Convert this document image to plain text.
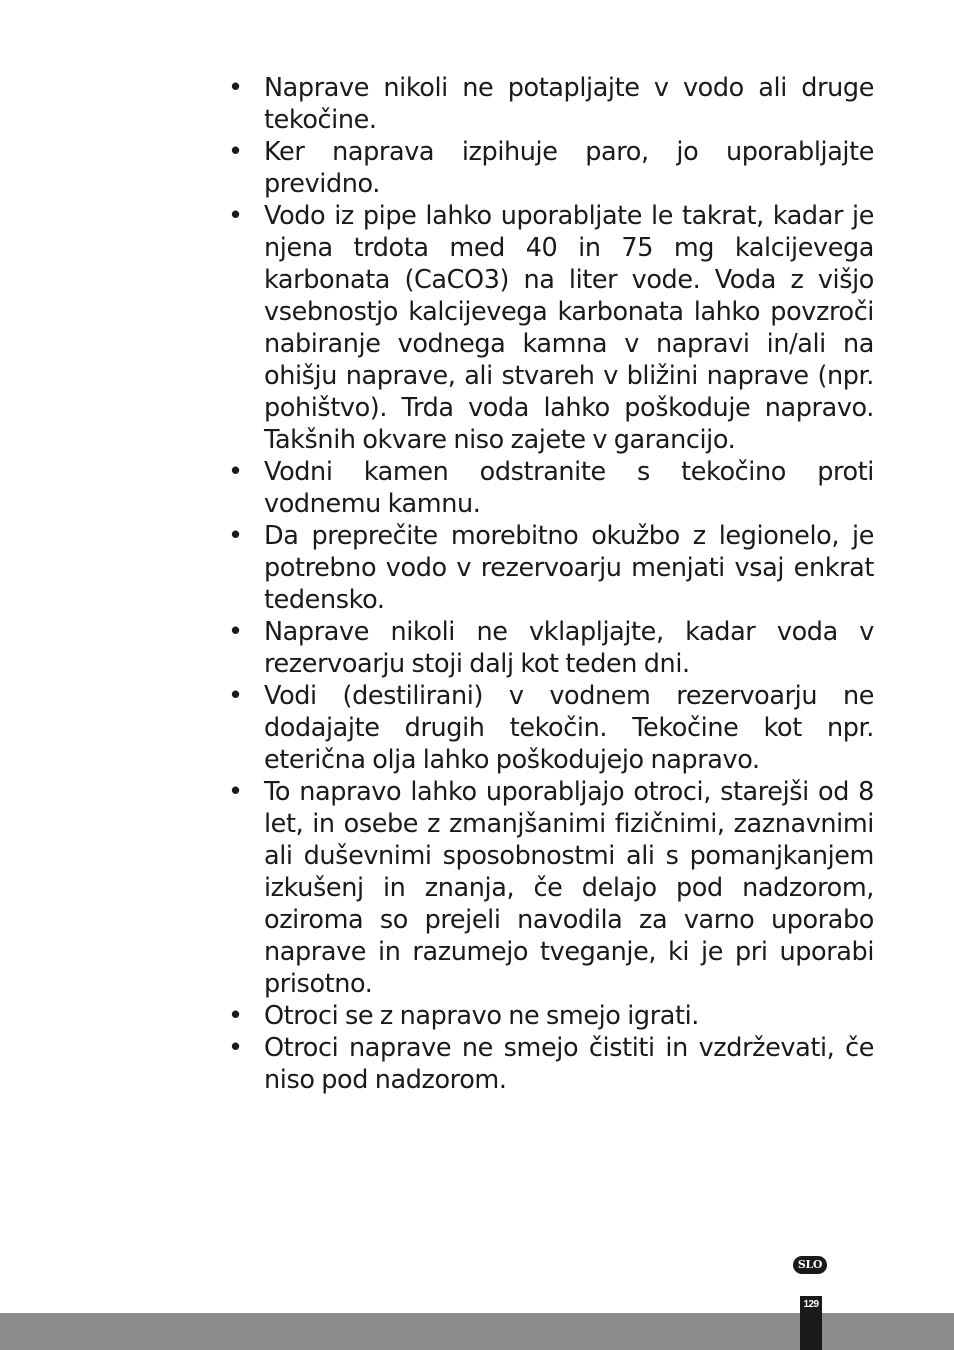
• Naprave nikoli ne potapljajte v vodo ali druge tekočine.
• Ker naprava izpihuje paro, jo uporabljajte previdno.
• Vodo iz pipe lahko uporabljate le takrat, kadar je njena trdota med 40 in 75 mg kalcijevega karbonata (CaCO3) na liter vode. Voda z višjo vsebnostjo kalcijevega karbonata lahko povzroči nabiranje vodnega kamna v napravi in/ali na ohišju naprave, ali stvareh v bližini naprave (npr. pohištvo). Trda voda lahko poškoduje napravo. Takšnih okvare niso zajete v garancijo.
• Vodni kamen odstranite s tekočino proti vodnemu kamnu.
• Da preprečite morebitno okužbo z legionelo, je potrebno vodo v rezervoarju menjati vsaj enkrat tedensko.
• Naprave nikoli ne vklapljajte, kadar voda v rezervoarju stoji dalj kot teden dni.
• Vodi (destilirani) v vodnem rezervoarju ne dodajajte drugih tekočin. Tekočine kot npr. eterična olja lahko poškodujejo napravo.
• To napravo lahko uporabljajo otroci, starejši od 8 let, in osebe z zmanjšanimi fizičnimi, zaznavnimi ali duševnimi sposobnostmi ali s pomanjkanjem izkušenj in znanja, če delajo pod nadzorom, oziroma so prejeli navodila za varno uporabo naprave in razumejo tveganje, ki je pri uporabi prisotno.
• Otroci se z napravo ne smejo igrati.
• Otroci naprave ne smejo čistiti in vzdrževati, če niso pod nadzorom.
SLO
129
